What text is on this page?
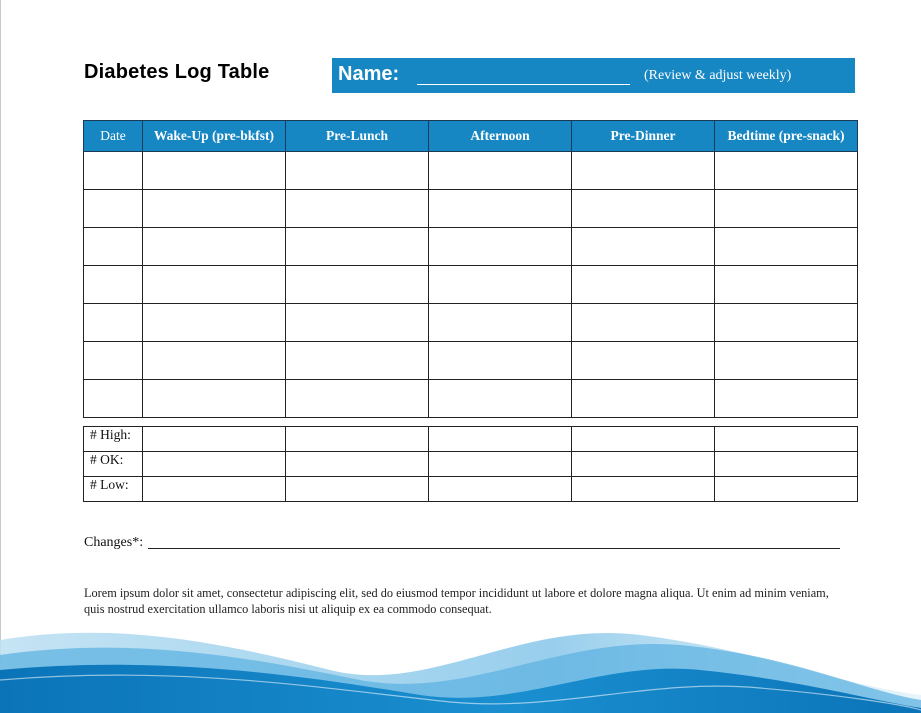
Diabetes Log Table	Name:	(Review & adjust weekly)
Date	Wake-Up (pre-bkfst)	Pre-Lunch	Afternoon	Pre-Dinner	Bedtime (pre-snack)

# High:					
# OK:					
# Low:					
Changes*:
Lorem ipsum dolor sit amet, consectetur adipiscing elit, sed do eiusmod tempor incididunt ut labore et dolore magna aliqua. Ut enim ad minim veniam, quis nostrud exercitation ullamco laboris nisi ut aliquip ex ea commodo consequat.
